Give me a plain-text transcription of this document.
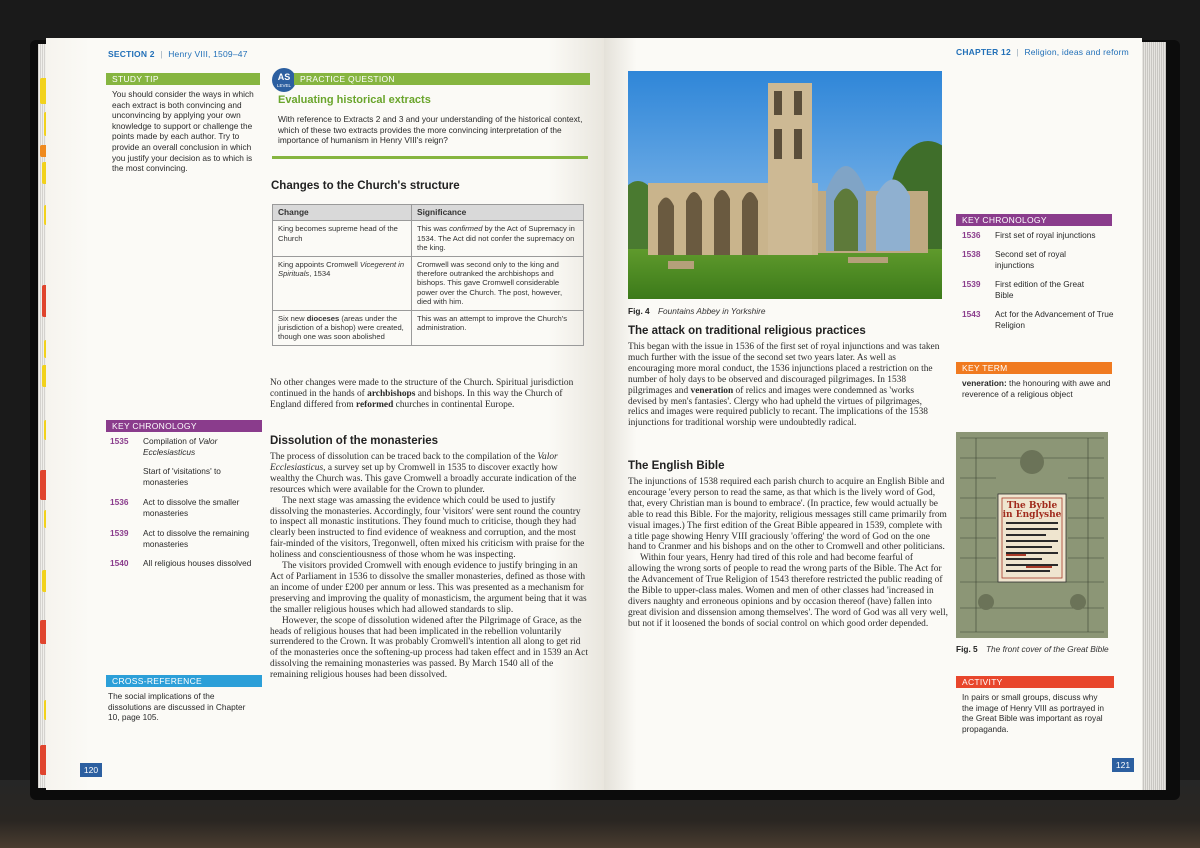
SECTION 2 | Henry VIII, 1509–47
STUDY TIP
You should consider the ways in which each extract is both convincing and unconvincing by applying your own knowledge to support or challenge the points made by each author. Try to provide an overall conclusion in which you justify your decision as to which is the most convincing.
AS
LEVEL
PRACTICE QUESTION
Evaluating historical extracts
With reference to Extracts 2 and 3 and your understanding of the historical context, which of these two extracts provides the more convincing interpretation of the importance of humanism in Henry VIII's reign?
Changes to the Church's structure
Change	Significance
King becomes supreme head of the Church	This was confirmed by the Act of Supremacy in 1534. The Act did not confer the supremacy on the king.
King appoints Cromwell Vicegerent in Spirituals, 1534	Cromwell was second only to the king and therefore outranked the archbishops and bishops. This gave Cromwell considerable power over the Church. The post, however, died with him.
Six new dioceses (areas under the jurisdiction of a bishop) were created, though one was soon abolished	This was an attempt to improve the Church's administration.

No other changes were made to the structure of the Church. Spiritual jurisdiction continued in the hands of archbishops and bishops. In this way the Church of England differed from reformed churches in continental Europe.

Dissolution of the monasteries

The process of dissolution can be traced back to the compilation of the Valor Ecclesiasticus, a survey set up by Cromwell in 1535 to discover exactly how wealthy the Church was. This gave Cromwell a broadly accurate indication of the resources which were available for the Crown to plunder.

The next stage was amassing the evidence which could be used to justify dissolving the monasteries. Accordingly, four 'visitors' were sent round the country to inspect all monastic institutions. They found much to criticise, though they had clearly been instructed to find evidence of weakness and corruption, and the most fair-minded of the visitors, Tregonwell, often mixed his criticism with praise for the holiness and conscientiousness of those whom he was inspecting.

The visitors provided Cromwell with enough evidence to justify bringing in an Act of Parliament in 1536 to dissolve the smaller monasteries, defined as those with an income of under £200 per annum or less. This was presented as a mechanism for preserving and improving the quality of monasticism, the argument being that it was the smaller religious houses which had allowed standards to slip.

However, the scope of dissolution widened after the Pilgrimage of Grace, as the heads of religious houses that had been implicated in the rebellion voluntarily surrendered to the Crown. It was probably Cromwell's intention all along to get rid of the monasteries once the softening-up process had taken effect and in 1539 an Act dissolving the remaining monasteries was passed. By March 1540 all of the remaining religious houses had been dissolved.

KEY CHRONOLOGY
1535 Compilation of Valor Ecclesiasticus
Start of 'visitations' to monasteries
1536 Act to dissolve the smaller monasteries
1539 Act to dissolve the remaining monasteries
1540 All religious houses dissolved
CROSS-REFERENCE
The social implications of the dissolutions are discussed in Chapter 10, page 105.
120
CHAPTER 12 | Religion, ideas and reform
Fig. 4 Fountains Abbey in Yorkshire
The attack on traditional religious practices

This began with the issue in 1536 of the first set of royal injunctions and was taken much further with the issue of the second set two years later. As well as encouraging more moral conduct, the 1536 injunctions placed a restriction on the number of holy days to be observed and discouraged pilgrimages. In 1538 pilgrimages and veneration of relics and images were condemned as 'works devised by men's fantasies'. Clergy who had upheld the virtues of pilgrimages, relics and images were required publicly to recant. The implications of the 1538 injunctions for traditional worship were undoubtedly radical.

The English Bible

The injunctions of 1538 required each parish church to acquire an English Bible and encourage 'every person to read the same, as that which is the lively word of God, that, every Christian man is bound to embrace'. (In practice, few would actually be able to read this Bible. For the majority, religious messages still came primarily from visual images.) The first edition of the Great Bible appeared in 1539, complete with a title page showing Henry VIII graciously 'offering' the word of God on the one hand to Cranmer and his bishops and on the other to Cromwell and other politicians.

Within four years, Henry had tired of this role and had become fearful of allowing the wrong sorts of people to read the wrong parts of the Bible. The Act for the Advancement of True Religion of 1543 therefore restricted the public reading of the Bible to upper-class males. Women and men of other classes had 'increased in divers naughty and erroneous opinions and by occasion thereof (have) fallen into great division and dissension among themselves'. The word of God was all very well, but not if it loosened the bonds of social control on which good order depended.

KEY CHRONOLOGY
1536 First set of royal injunctions
1538 Second set of royal injunctions
1539 First edition of the Great Bible
1543 Act for the Advancement of True Religion
KEY TERM
veneration: the honouring with awe and reverence of a religious object
The Byble in Englyshe
Fig. 5 The front cover of the Great Bible
ACTIVITY
In pairs or small groups, discuss why the image of Henry VIII as portrayed in the Great Bible was important as royal propaganda.
121
